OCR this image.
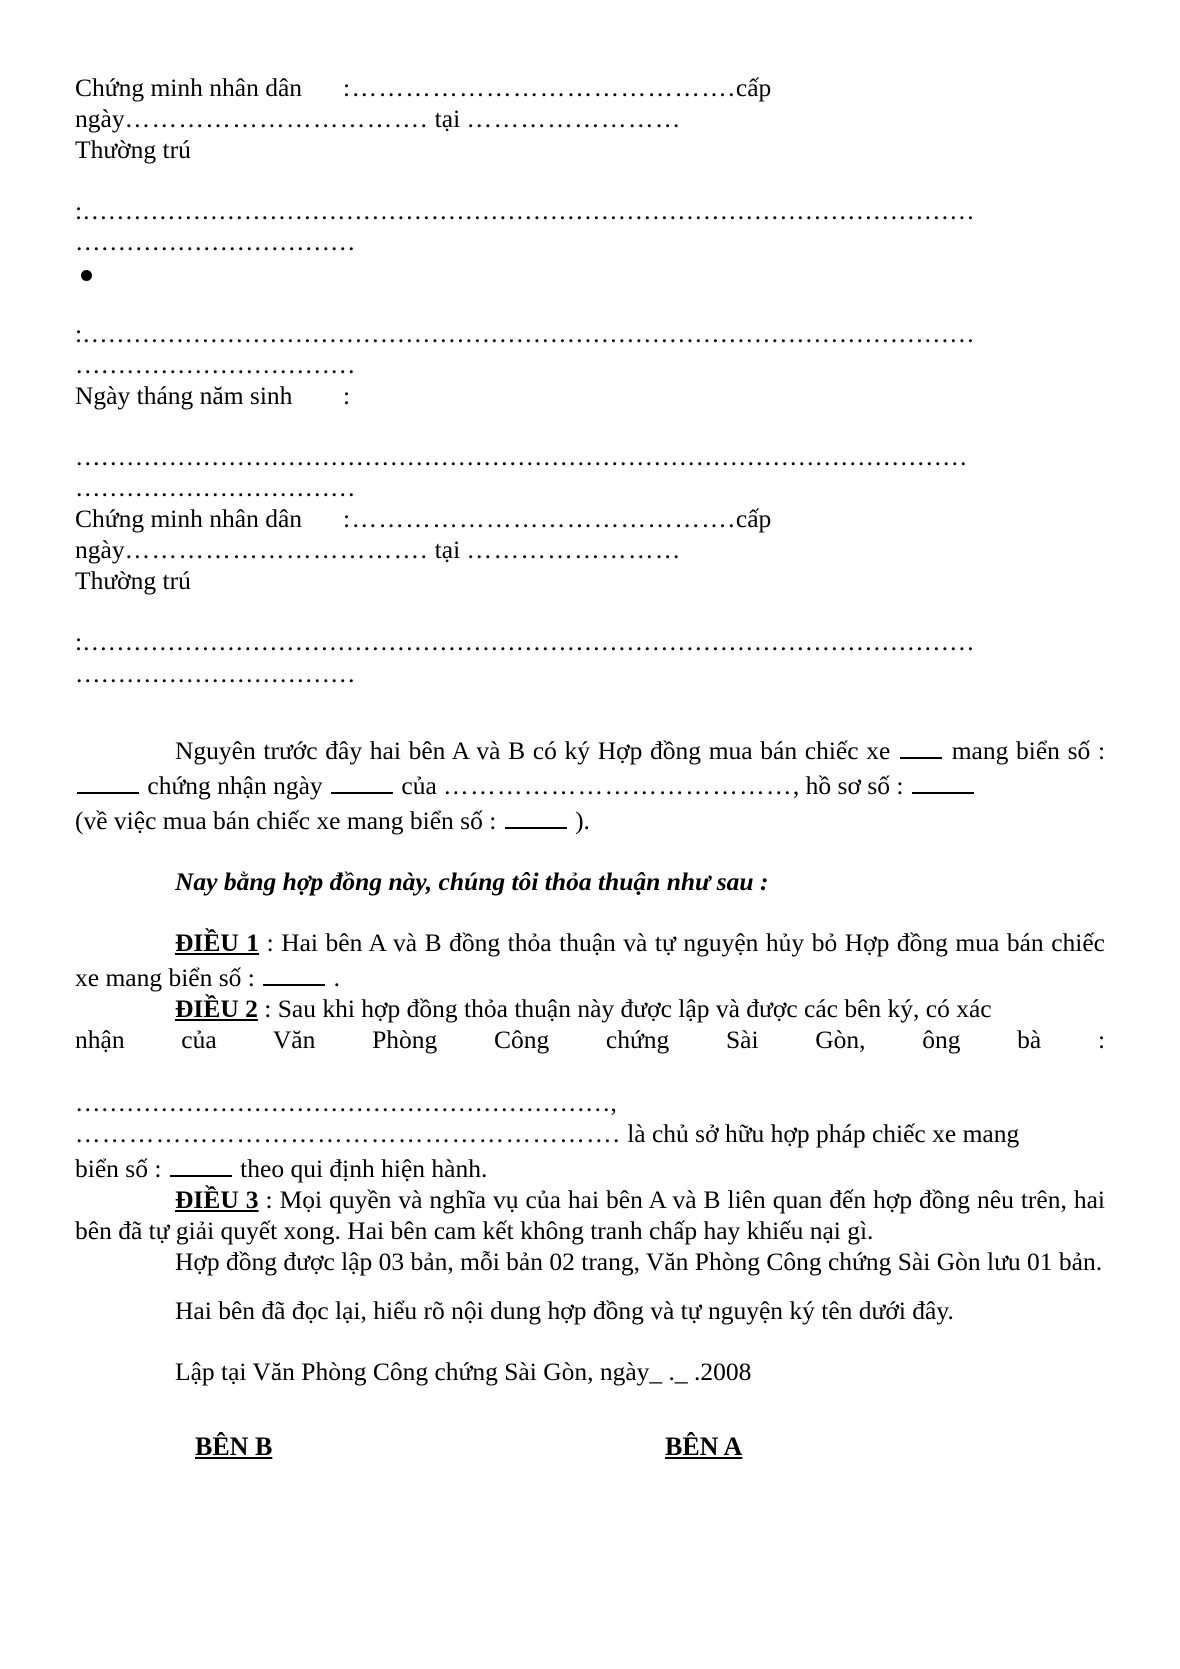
Chứng minh nhân dân :…………………………………….cấp
ngày……………………………. tại ……………………
Thường trú
:……………………………………………………………………………………………
……………………………
:……………………………………………………………………………………………
……………………………
Ngày tháng năm sinh :
……………………………………………………………………………………………
……………………………
Chứng minh nhân dân :…………………………………….cấp
ngày……………………………. tại ……………………
Thường trú
:……………………………………………………………………………………………
……………………………
Nguyên trước đây hai bên A và B có ký Hợp đồng mua bán chiếc xe mang biển số :  chứng nhận ngày	của …………………………………, hồ sơ số :
(về việc mua bán chiếc xe mang biển số :	).
Nay bằng hợp đồng này, chúng tôi thỏa thuận như sau :
ĐIỀU 1 : Hai bên A và B đồng thỏa thuận và tự nguyện hủy bỏ Hợp đồng mua bán chiếc xe mang biển số :	.
ĐIỀU 2 : Sau khi hợp đồng thỏa thuận này được lập và được các bên ký, có xác
nhận của Văn Phòng Công chứng Sài Gòn, ông bà :
………………………………………………………,
……………………………………………………. là chủ sở hữu hợp pháp chiếc xe mang
biển số :	theo qui định hiện hành.
ĐIỀU 3 : Mọi quyền và nghĩa vụ của hai bên A và B liên quan đến hợp đồng nêu trên, hai bên đã tự giải quyết xong. Hai bên cam kết không tranh chấp hay khiếu nại gì.
Hợp đồng được lập 03 bản, mỗi bản 02 trang, Văn Phòng Công chứng Sài Gòn lưu 01 bản.
Hai bên đã đọc lại, hiểu rõ nội dung hợp đồng và tự nguyện ký tên dưới đây.
Lập tại Văn Phòng Công chứng Sài Gòn, ngày_ ._ .2008
BÊN B	BÊN A
